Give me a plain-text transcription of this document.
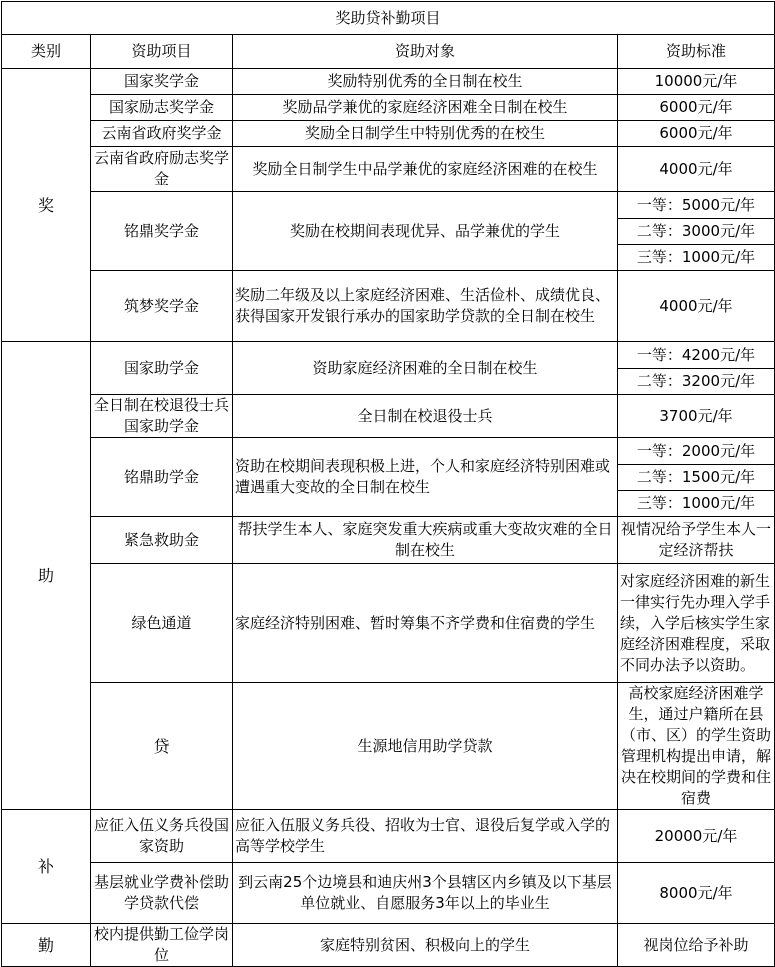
奖助贷补勤项目				
类别	资助项目	资助对象	资助标准	
奖	国家奖学金	奖励特别优秀的全日制在校生	10000元/年	
	国家励志奖学金	奖励品学兼优的家庭经济困难全日制在校生	6000元/年	
	云南省政府奖学金	奖励全日制学生中特别优秀的在校生	6000元/年	
	云南省政府励志奖学金	奖励全日制学生中品学兼优的家庭经济困难的在校生	4000元/年	
	铭鼎奖学金	奖励在校期间表现优异、品学兼优的学生	一等：5000元/年	
			二等：3000元/年	
			三等：1000元/年	
	筑梦奖学金	奖励二年级及以上家庭经济困难、生活俭朴、成绩优良、获得国家开发银行承办的国家助学贷款的全日制在校生	4000元/年	
助	国家助学金	资助家庭经济困难的全日制在校生	一等：4200元/年	
			二等：3200元/年	
	全日制在校退役士兵国家助学金	全日制在校退役士兵	3700元/年	
	铭鼎助学金	资助在校期间表现积极上进，个人和家庭经济特别困难或遭遇重大变故的全日制在校生	一等：2000元/年	
			二等：1500元/年	
			三等：1000元/年	
	紧急救助金	帮扶学生本人、家庭突发重大疾病或重大变故灾难的全日制在校生	视情况给予学生本人一定经济帮扶	
	绿色通道	家庭经济特别困难、暂时筹集不齐学费和住宿费的学生	对家庭经济困难的新生一律实行先办理入学手续，入学后核实学生家庭经济困难程度，采取不同办法予以资助。	
	贷	生源地信用助学贷款	高校家庭经济困难学生，通过户籍所在县（市、区）的学生资助管理机构提出申请，解决在校期间的学费和住宿费	
补	应征入伍义务兵役国家资助	应征入伍服义务兵役、招收为士官、退役后复学或入学的高等学校学生	20000元/年	
	基层就业学费补偿助学贷款代偿	到云南25个边境县和迪庆州3个县辖区内乡镇及以下基层单位就业、自愿服务3年以上的毕业生	8000元/年	
勤	校内提供勤工俭学岗位	家庭特别贫困、积极向上的学生	视岗位给予补助	
